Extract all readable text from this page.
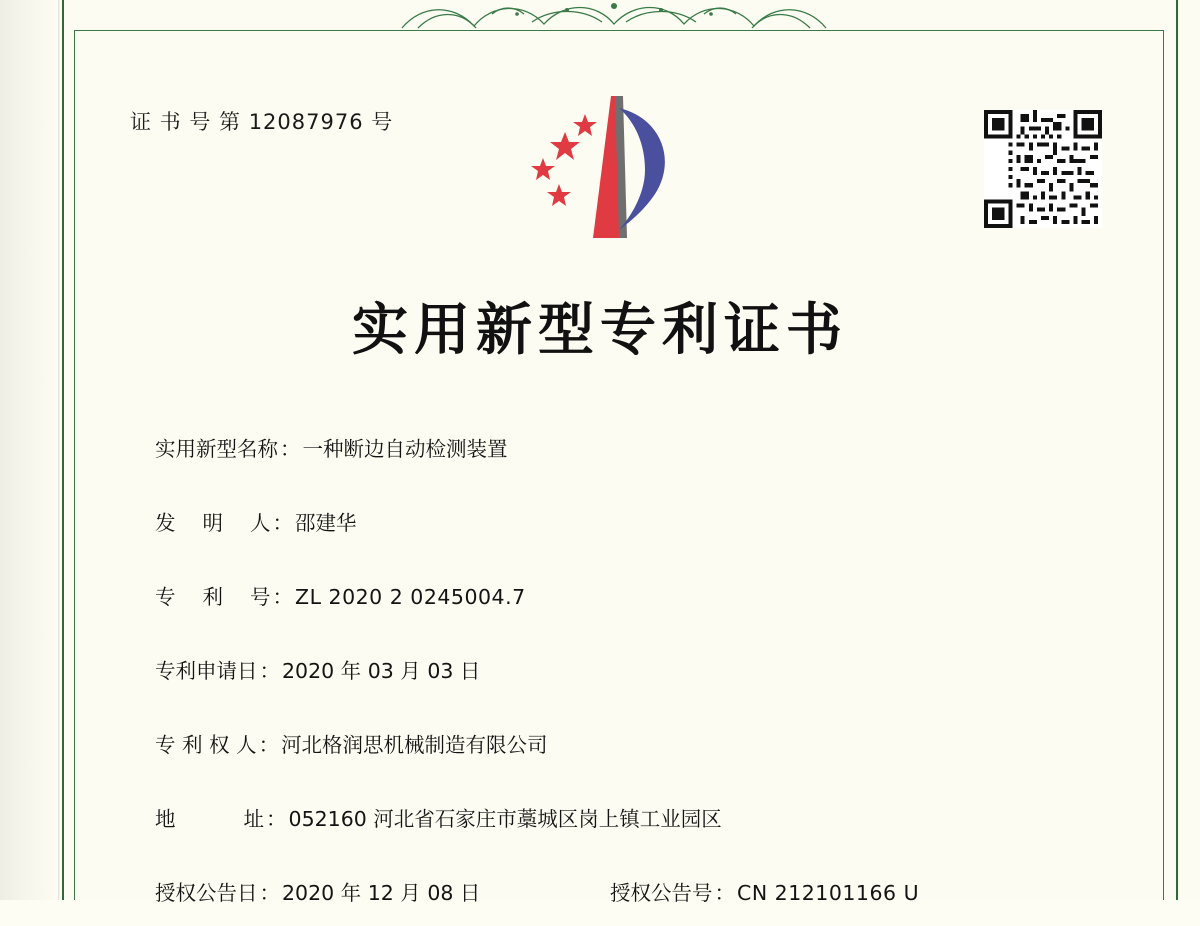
证 书 号 第 12087976 号
实用新型专利证书
实用新型名称 ： 一种断边自动检测装置
发　 明　 人 ： 邵建华
专　 利　 号 ： ZL 2020 2 0245004.7
专利申请日 ： 2020 年 03 月 03 日
专 利 权 人 ： 河北格润思机械制造有限公司
地　　 　址 ： 052160 河北省石家庄市藁城区岗上镇工业园区
授权公告日 ： 2020 年 12 月 08 日	授权公告号 ： CN 212101166 U
